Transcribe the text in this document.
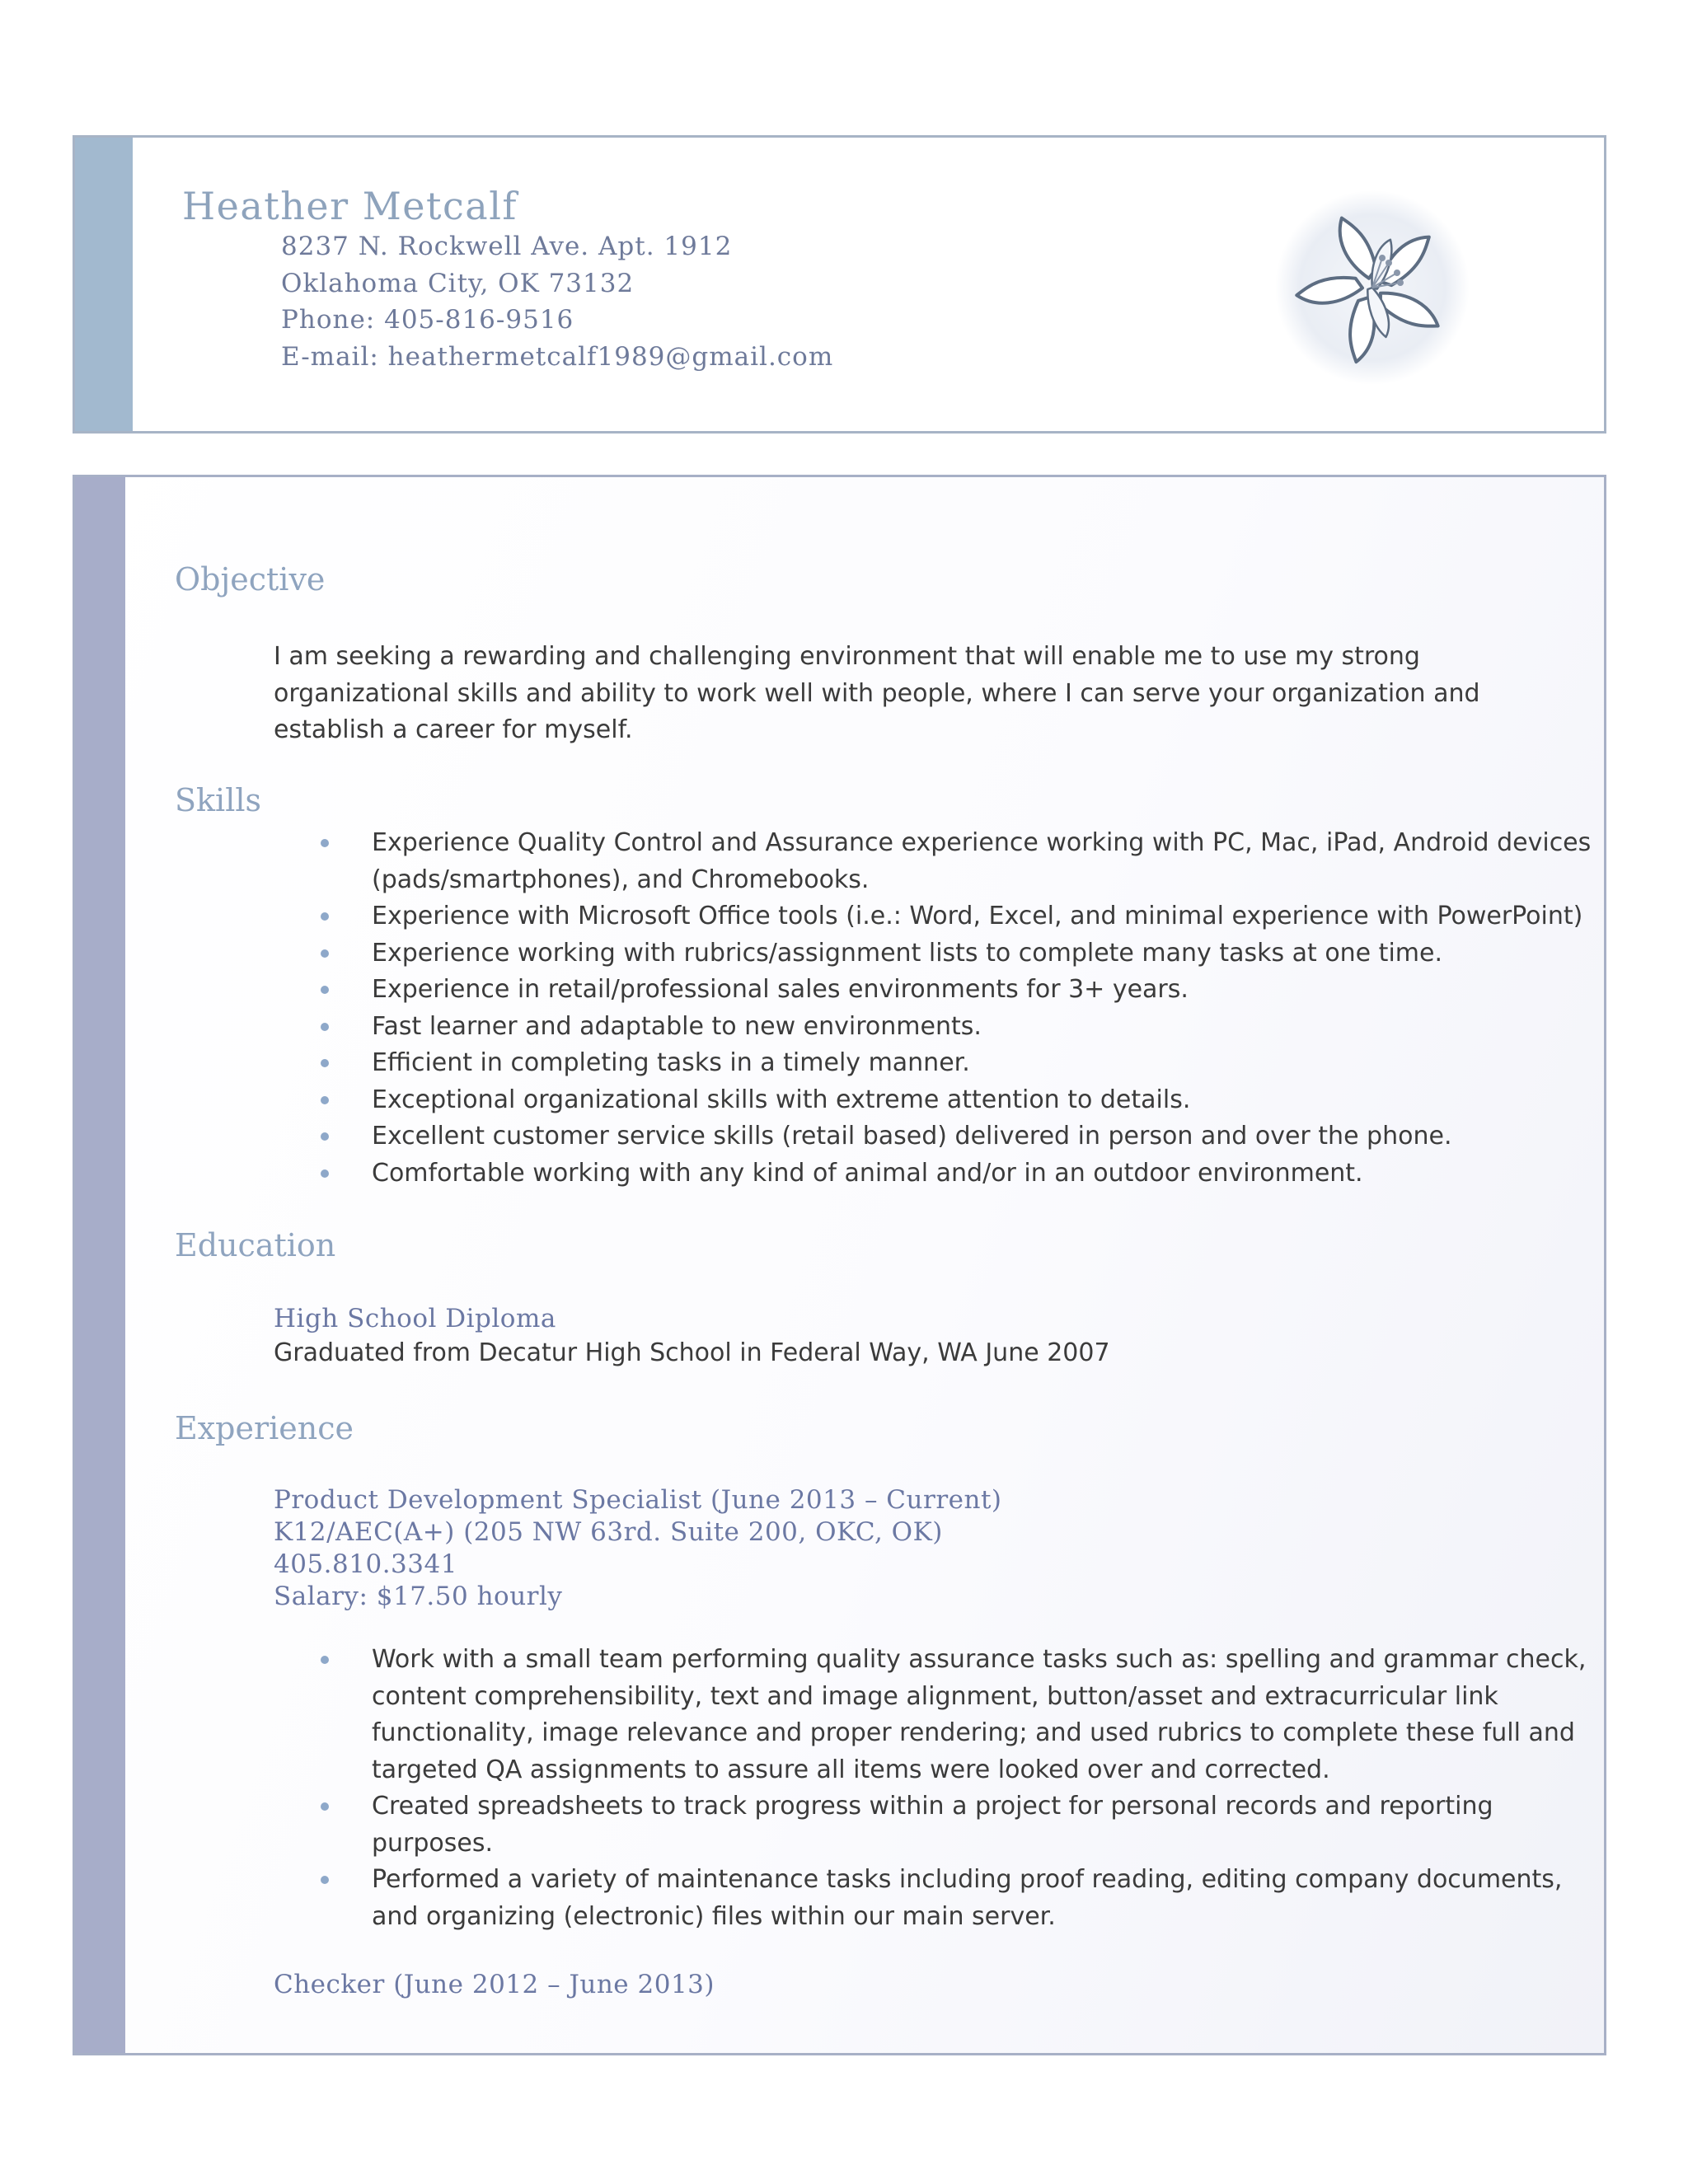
Heather Metcalf
8237 N. Rockwell Ave. Apt. 1912
Oklahoma City, OK 73132
Phone: 405-816-9516
E-mail: heathermetcalf1989@gmail.com
Objective

I am seeking a rewarding and challenging environment that will enable me to use my strong organizational skills and ability to work well with people, where I can serve your organization and establish a career for myself.

Skills
Experience Quality Control and Assurance experience working with PC, Mac, iPad, Android devices (pads/smartphones), and Chromebooks.
Experience with Microsoft Office tools (i.e.: Word, Excel, and minimal experience with PowerPoint)
Experience working with rubrics/assignment lists to complete many tasks at one time.
Experience in retail/professional sales environments for 3+ years.
Fast learner and adaptable to new environments.
Efficient in completing tasks in a timely manner.
Exceptional organizational skills with extreme attention to details.
Excellent customer service skills (retail based) delivered in person and over the phone.
Comfortable working with any kind of animal and/or in an outdoor environment.
Education
High School Diploma
Graduated from Decatur High School in Federal Way, WA June 2007
Experience
Product Development Specialist (June 2013 – Current)
K12/AEC(A+) (205 NW 63rd. Suite 200, OKC, OK)
405.810.3341
Salary: $17.50 hourly
Work with a small team performing quality assurance tasks such as: spelling and grammar check, content comprehensibility, text and image alignment, button/asset and extracurricular link functionality, image relevance and proper rendering; and used rubrics to complete these full and targeted QA assignments to assure all items were looked over and corrected.
Created spreadsheets to track progress within a project for personal records and reporting purposes.
Performed a variety of maintenance tasks including proof reading, editing company documents, and organizing (electronic) files within our main server.
Checker (June 2012 – June 2013)
